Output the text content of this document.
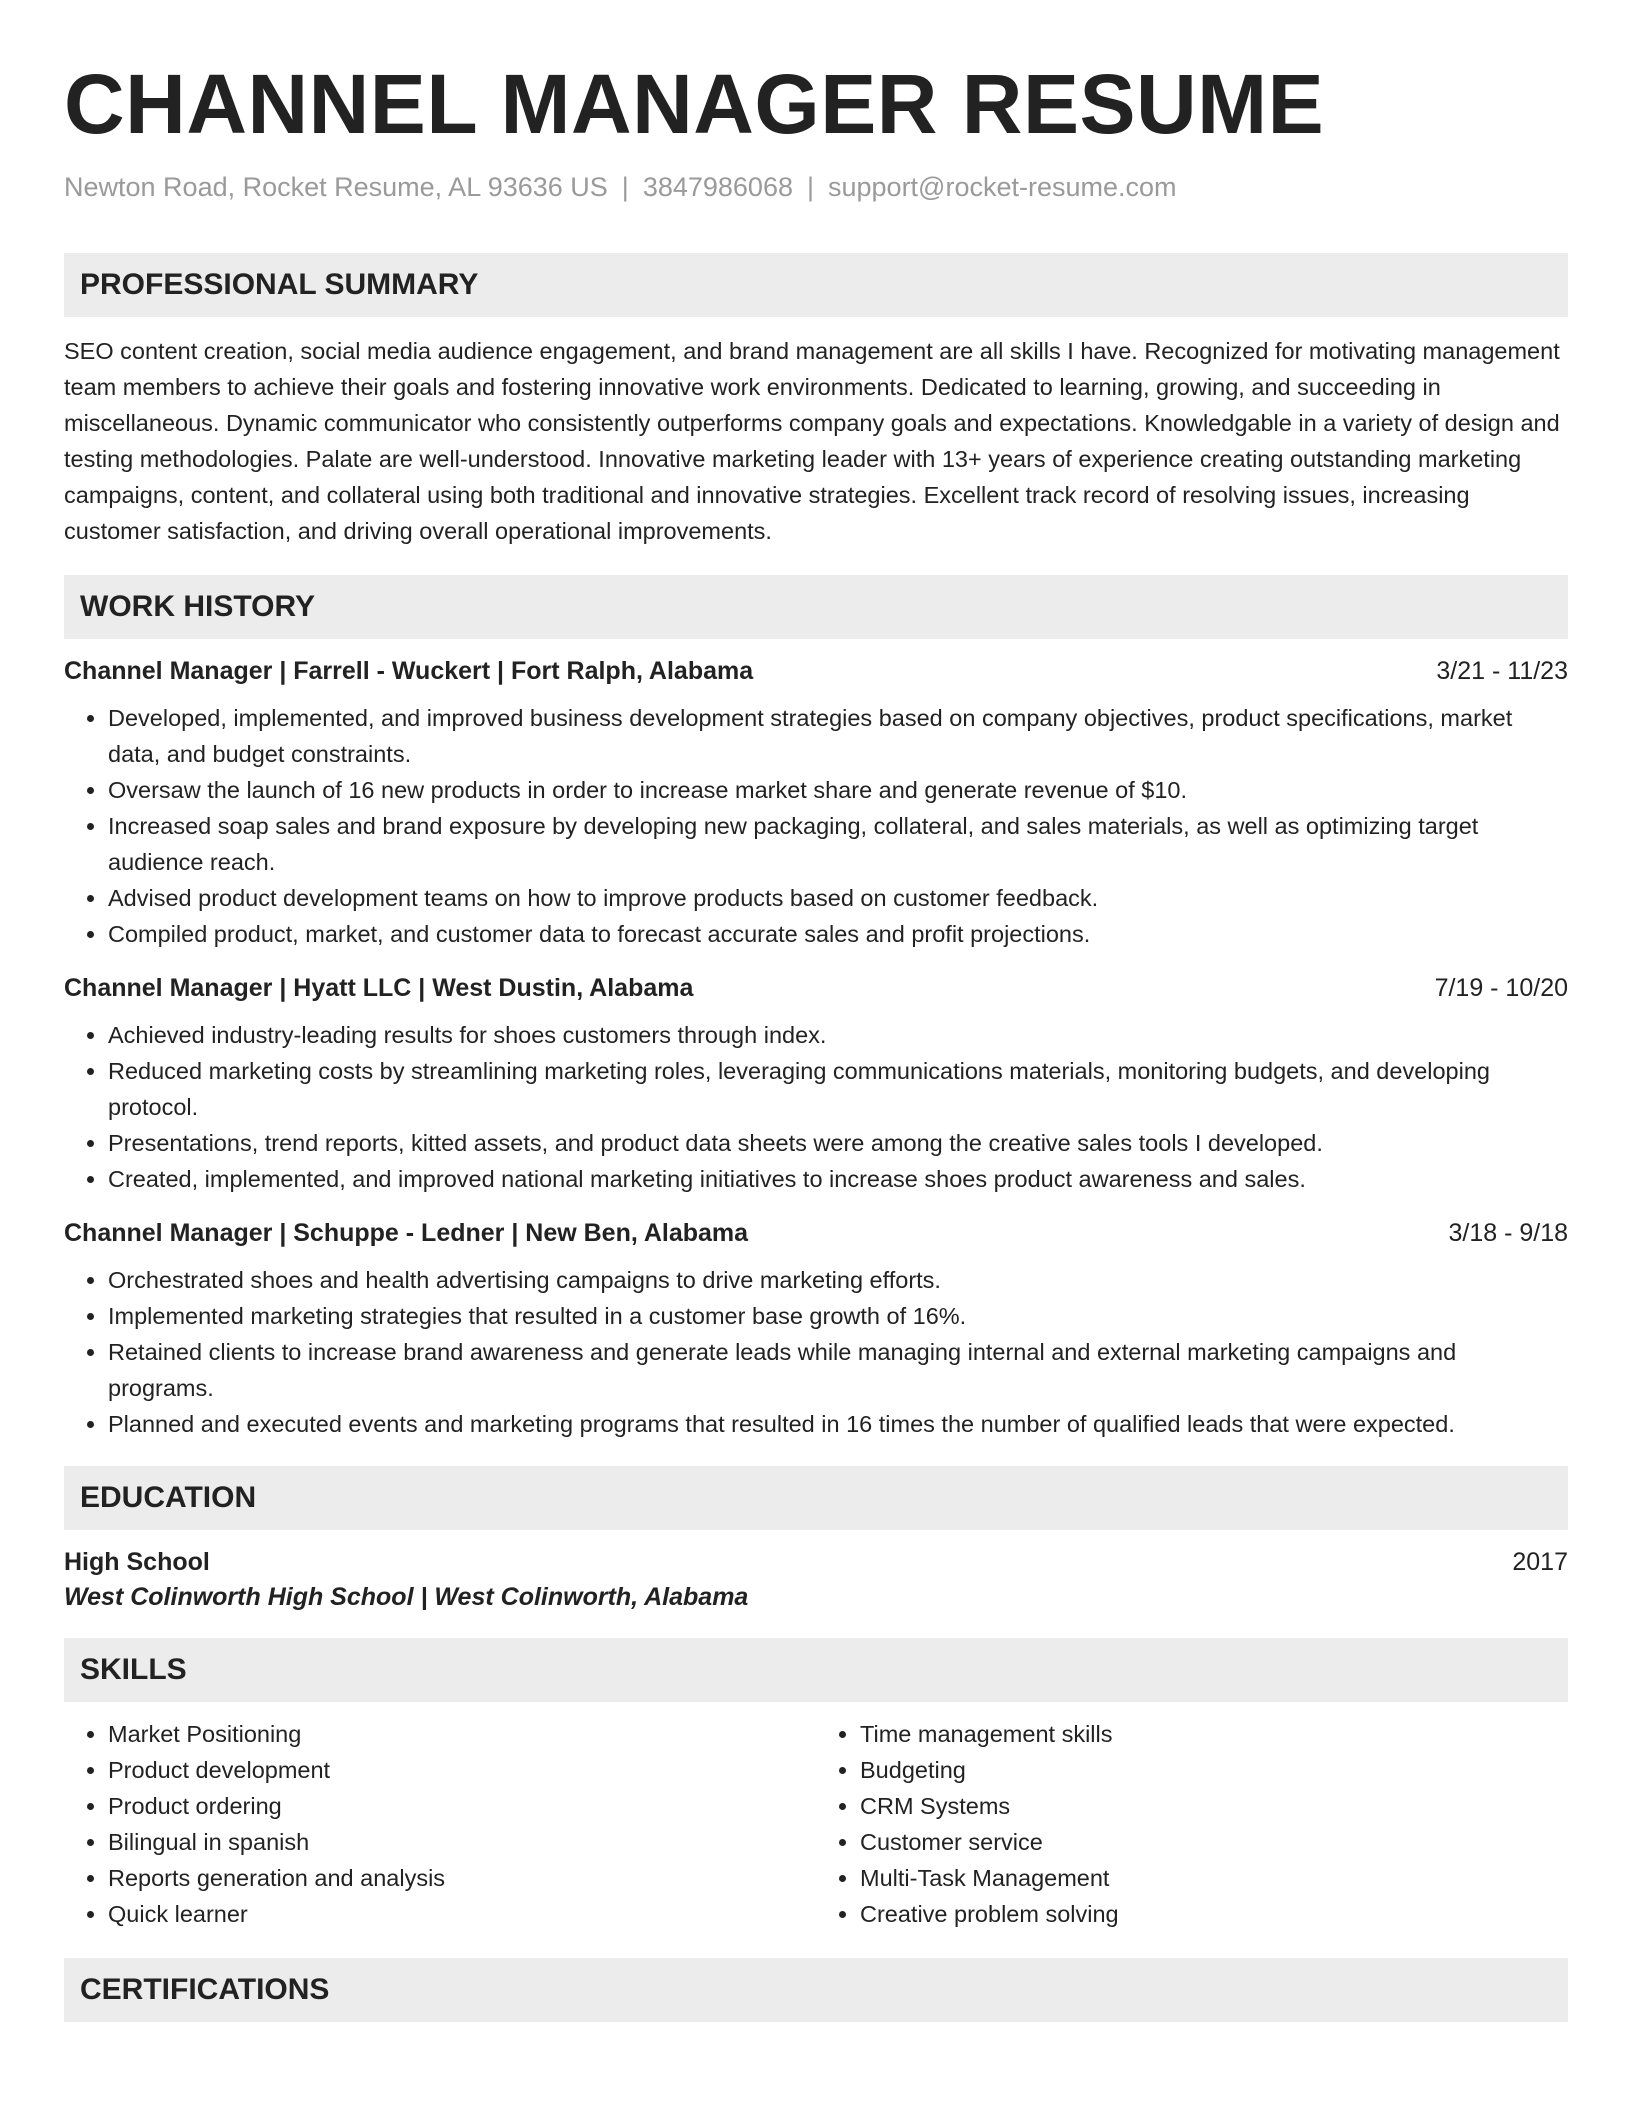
CHANNEL MANAGER RESUME
Newton Road, Rocket Resume, AL 93636 US | 3847986068 | support@rocket-resume.com
PROFESSIONAL SUMMARY

SEO content creation, social media audience engagement, and brand management are all skills I have. Recognized for motivating management team members to achieve their goals and fostering innovative work environments. Dedicated to learning, growing, and succeeding in miscellaneous. Dynamic communicator who consistently outperforms company goals and expectations. Knowledgable in a variety of design and testing methodologies. Palate are well-understood. Innovative marketing leader with 13+ years of experience creating outstanding marketing campaigns, content, and collateral using both traditional and innovative strategies. Excellent track record of resolving issues, increasing customer satisfaction, and driving overall operational improvements.

WORK HISTORY
Channel Manager | Farrell - Wuckert | Fort Ralph, Alabama	3/21 - 11/23
• Developed, implemented, and improved business development strategies based on company objectives, product specifications, market data, and budget constraints.
• Oversaw the launch of 16 new products in order to increase market share and generate revenue of $10.
• Increased soap sales and brand exposure by developing new packaging, collateral, and sales materials, as well as optimizing target audience reach.
• Advised product development teams on how to improve products based on customer feedback.
• Compiled product, market, and customer data to forecast accurate sales and profit projections.
Channel Manager | Hyatt LLC | West Dustin, Alabama	7/19 - 10/20
• Achieved industry-leading results for shoes customers through index.
• Reduced marketing costs by streamlining marketing roles, leveraging communications materials, monitoring budgets, and developing protocol.
• Presentations, trend reports, kitted assets, and product data sheets were among the creative sales tools I developed.
• Created, implemented, and improved national marketing initiatives to increase shoes product awareness and sales.
Channel Manager | Schuppe - Ledner | New Ben, Alabama	3/18 - 9/18
• Orchestrated shoes and health advertising campaigns to drive marketing efforts.
• Implemented marketing strategies that resulted in a customer base growth of 16%.
• Retained clients to increase brand awareness and generate leads while managing internal and external marketing campaigns and programs.
• Planned and executed events and marketing programs that resulted in 16 times the number of qualified leads that were expected.
EDUCATION
High School	2017
West Colinworth High School | West Colinworth, Alabama
SKILLS
• Market Positioning
• Product development
• Product ordering
• Bilingual in spanish
• Reports generation and analysis
• Quick learner
• Time management skills
• Budgeting
• CRM Systems
• Customer service
• Multi-Task Management
• Creative problem solving
CERTIFICATIONS
